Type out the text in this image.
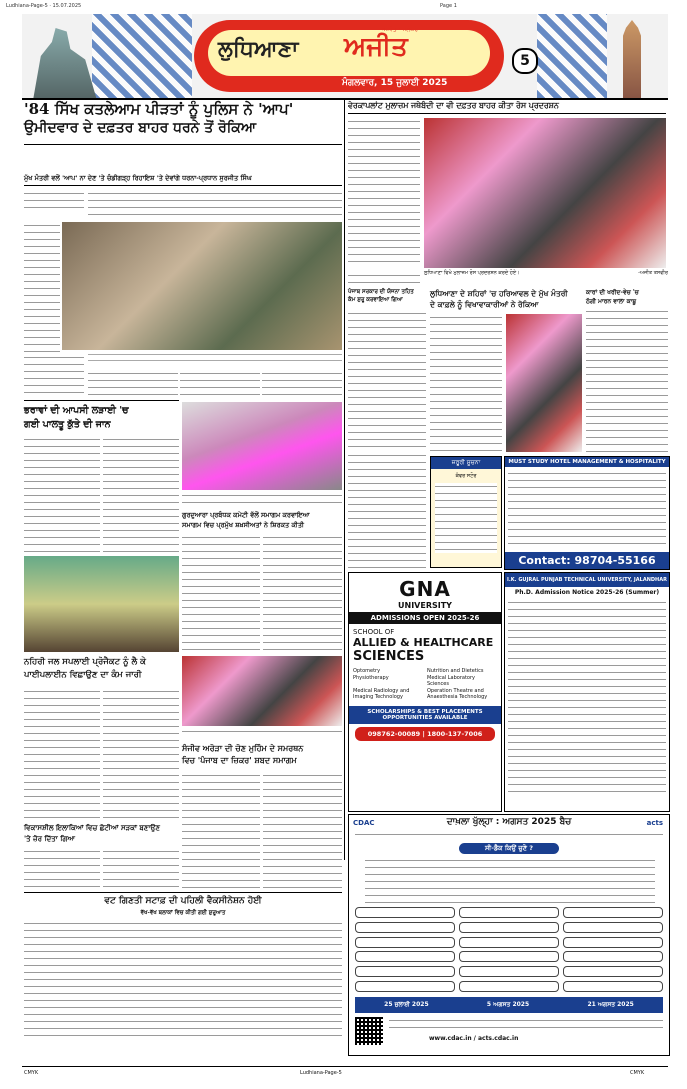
Ludhiana-Page-5 · 15.07.2025	Page 1
ਲੁਧਿਆਣਾ ਅਜੀਤ
ਅਜੀਤ · ਜਲੰਧਰ
ਮੰਗਲਵਾਰ, 15 ਜੁਲਾਈ 2025
5
'84 ਸਿੱਖ ਕਤਲੇਆਮ ਪੀੜਤਾਂ ਨੂੰ ਪੁਲਿਸ ਨੇ 'ਆਪ'
ਉਮੀਦਵਾਰ ਦੇ ਦਫ਼ਤਰ ਬਾਹਰ ਧਰਨੇ ਤੋਂ ਰੋਕਿਆ
ਮੁੱਖ ਮੰਤਰੀ ਵਲੋਂ 'ਆਪ' ਨਾ ਦੇਣ 'ਤੇ ਚੰਡੀਗੜ੍ਹ ਰਿਹਾਇਸ਼ 'ਤੇ ਦੇਵਾਂਗੇ ਧਰਨਾ-ਪ੍ਰਧਾਨ ਸੁਰਜੀਤ ਸਿੰਘ
ਭਰਾਵਾਂ ਦੀ ਆਪਸੀ ਲੜਾਈ 'ਚ
ਗਈ ਪਾਲਤੂ ਕੁੱਤੇ ਦੀ ਜਾਨ
ਨਹਿਰੀ ਜਲ ਸਪਲਾਈ ਪ੍ਰੋਜੈਕਟ ਨੂੰ ਲੈ ਕੇ
ਪਾਈਪਲਾਈਨ ਵਿਛਾਉਣ ਦਾ ਕੰਮ ਜਾਰੀ
ਗੁਰਦੁਆਰਾ ਪ੍ਰਬੰਧਕ ਕਮੇਟੀ ਵੱਲੋਂ ਸਮਾਗਮ ਕਰਵਾਇਆ
ਸਮਾਗਮ ਵਿਚ ਪ੍ਰਮੁੱਖ ਸ਼ਖ਼ਸੀਅਤਾਂ ਨੇ ਸ਼ਿਰਕਤ ਕੀਤੀ
ਸੰਜੀਵ ਅਰੋੜਾ ਦੀ ਚੋਣ ਮੁਹਿੰਮ ਦੇ ਸਮਰਥਨ
ਵਿਚ 'ਪੰਜਾਬ ਦਾ ਜ਼ਿਕਰ' ਸ਼ਬਦ ਸਮਾਗਮ
ਵਿਕਾਸਸ਼ੀਲ ਇਲਾਕਿਆਂ ਵਿਚ ਛੋਟੀਆਂ ਸੜਕਾਂ ਬਣਾਉਣ
'ਤੇ ਜ਼ੋਰ ਦਿੱਤਾ ਗਿਆ
ਵਟ ਗਿਣਤੀ ਸਟਾਫ਼ ਦੀ ਪਹਿਲੀ ਵੈਕਸੀਨੇਸ਼ਨ ਹੋਈ
ਵੱਖ-ਵੱਖ ਬਲਾਕਾਂ ਵਿਚ ਕੀਤੀ ਗਈ ਸ਼ੁਰੂਆਤ
ਵੇਰਕਾਪਲਾਂਟ ਮੁਲਾਜ਼ਮ ਜਥੇਬੰਦੀ ਦਾ ਵੀ ਦਫ਼ਤਰ ਬਾਹਰ ਕੀਤਾ ਰੋਸ ਪ੍ਰਦਰਸ਼ਨ
ਲੁਧਿਆਣਾ ਵਿਖੇ ਮੁਲਾਜ਼ਮ ਰੋਸ ਪ੍ਰਦਰਸ਼ਨ ਕਰਦੇ ਹੋਏ।	-ਅਜੀਤ ਤਸਵੀਰ
ਪੰਜਾਬ ਸਰਕਾਰ ਦੀ ਯੋਜਨਾ ਤਹਿਤ
ਕੰਮ ਸ਼ੁਰੂ ਕਰਵਾਇਆ ਗਿਆ
ਲੁਧਿਆਣਾ ਦੇ ਸ਼ਹਿਰਾਂ 'ਚ ਹਰਿਆਵਲ ਦੇ ਮੁੱਖ ਮੰਤਰੀ
ਦੇ ਕਾਫ਼ਲੇ ਨੂੰ ਵਿਖਾਵਾਕਾਰੀਆਂ ਨੇ ਰੋਕਿਆ
ਕਾਰਾਂ ਦੀ ਖਰੀਦ-ਵੇਚ 'ਚ
ਠੱਗੀ ਮਾਰਨ ਵਾਲਾ ਕਾਬੂ
ਜ਼ਰੂਰੀ ਸੂਚਨਾ
ਕੰਵਰ ਸਟੋਰ
MUST STUDY HOTEL MANAGEMENT & HOSPITALITY
Contact: 98704-55166
GNA
UNIVERSITY
ADMISSIONS OPEN 2025-26
SCHOOL OF
ALLIED & HEALTHCARE
SCIENCES
Optometry	Nutrition and Dietetics
Physiotherapy	Medical Laboratory Sciences
Medical Radiology and Imaging Technology
Operation Theatre and Anaesthesia Technology
SCHOLARSHIPS & BEST PLACEMENTS OPPORTUNITIES AVAILABLE
098762-00089 | 1800-137-7006
I.K. GUJRAL PUNJAB TECHNICAL UNIVERSITY, JALANDHAR
Ph.D. Admission Notice 2025-26 (Summer)
CDAC	acts
ਦਾਖ਼ਲਾ ਖੁੱਲ੍ਹਾ : ਅਗਸਤ 2025 ਬੈਚ
ਸੀ-ਡੈਕ ਕਿਉਂ ਚੁਣੋ ?
25 ਜੁਲਾਈ 2025	5 ਅਗਸਤ 2025	21 ਅਗਸਤ 2025
www.cdac.in / acts.cdac.in
CMYK	Ludhiana-Page-5	CMYK
